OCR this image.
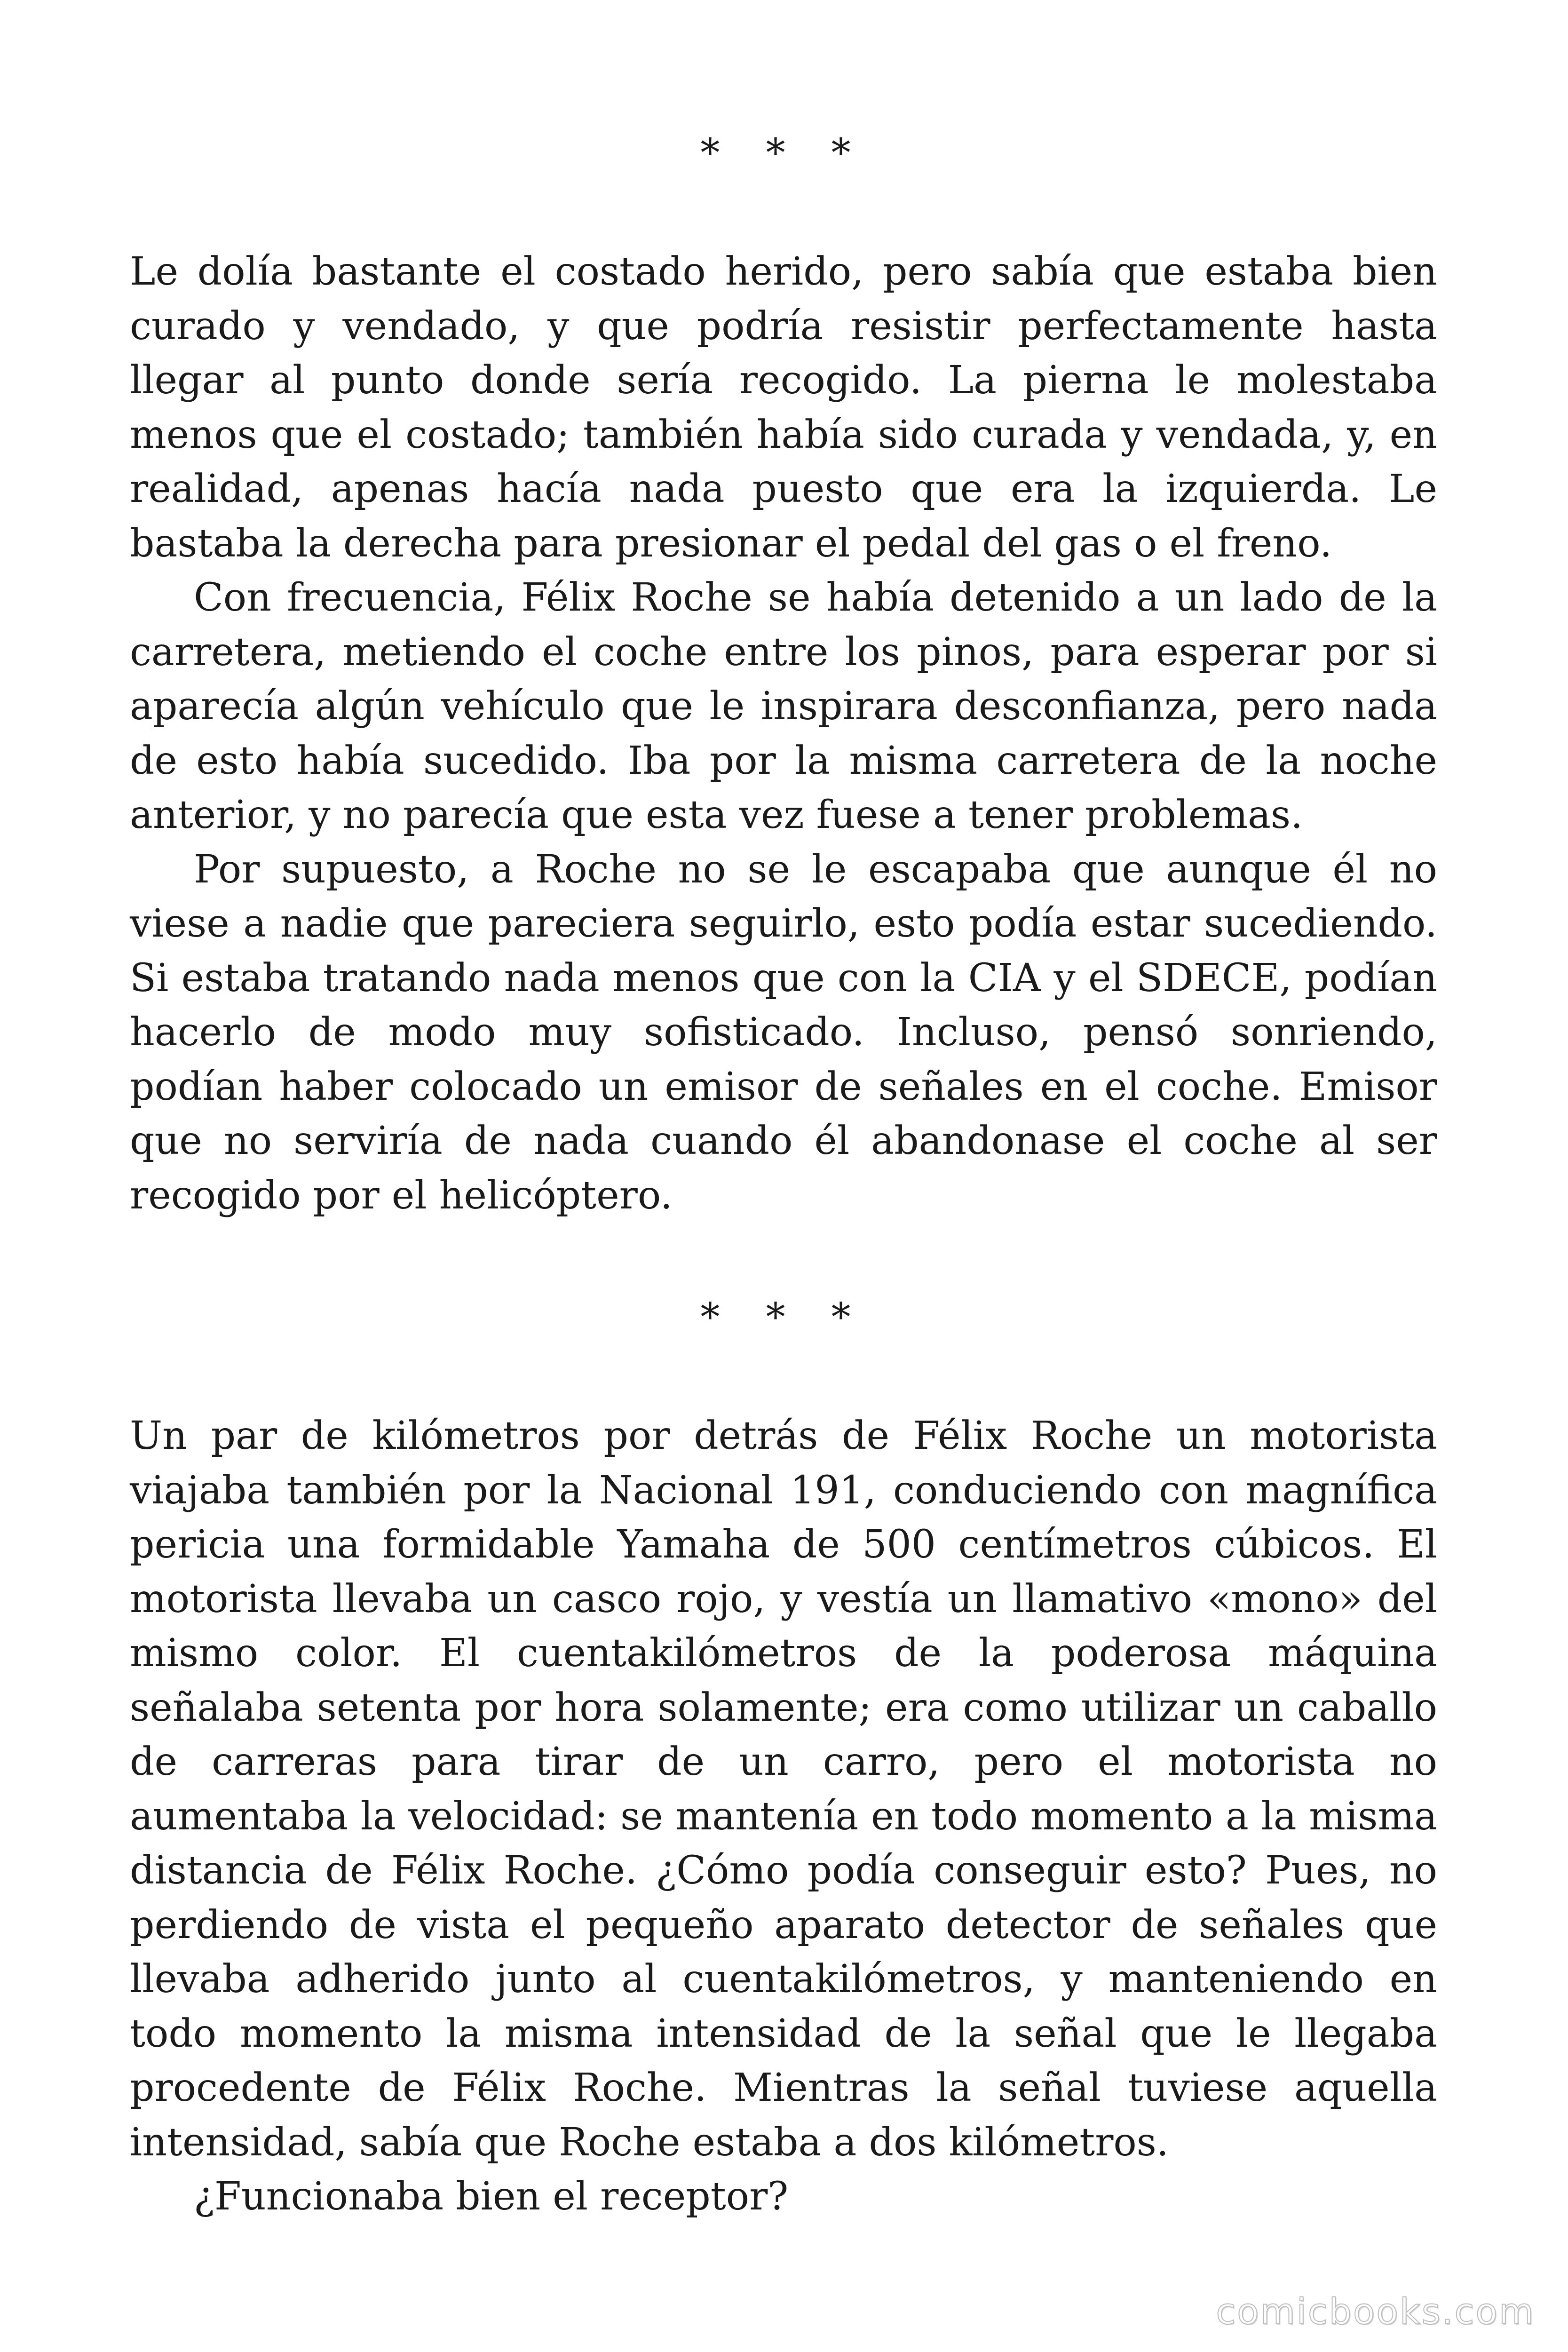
* * *

Le dolía bastante el costado herido, pero sabía que estaba bien curado y vendado, y que podría resistir perfectamente hasta llegar al punto donde sería recogido. La pierna le molestaba menos que el costado; también había sido curada y vendada, y, en realidad, apenas hacía nada puesto que era la izquierda. Le bastaba la derecha para presionar el pedal del gas o el freno.

Con frecuencia, Félix Roche se había detenido a un lado de la carretera, metiendo el coche entre los pinos, para esperar por si aparecía algún vehículo que le inspirara desconfianza, pero nada de esto había sucedido. Iba por la misma carretera de la noche anterior, y no parecía que esta vez fuese a tener problemas.

Por supuesto, a Roche no se le escapaba que aunque él no viese a nadie que pareciera seguirlo, esto podía estar sucediendo. Si estaba tratando nada menos que con la CIA y el SDECE, podían hacerlo de modo muy sofisticado. Incluso, pensó sonriendo, podían haber colocado un emisor de señales en el coche. Emisor que no serviría de nada cuando él abandonase el coche al ser recogido por el helicóptero.

* * *

Un par de kilómetros por detrás de Félix Roche un motorista viajaba también por la Nacional 191, conduciendo con magnífica pericia una formidable Yamaha de 500 centímetros cúbicos. El motorista llevaba un casco rojo, y vestía un llamativo «mono» del mismo color. El cuentakilómetros de la poderosa máquina señalaba setenta por hora solamente; era como utilizar un caballo de carreras para tirar de un carro, pero el motorista no aumentaba la velocidad: se mantenía en todo momento a la misma distancia de Félix Roche. ¿Cómo podía conseguir esto? Pues, no perdiendo de vista el pequeño aparato detector de señales que llevaba adherido junto al cuentakilómetros, y manteniendo en todo momento la misma intensidad de la señal que le llegaba procedente de Félix Roche. Mientras la señal tuviese aquella intensidad, sabía que Roche estaba a dos kilómetros.

¿Funcionaba bien el receptor?

comicbooks.com
